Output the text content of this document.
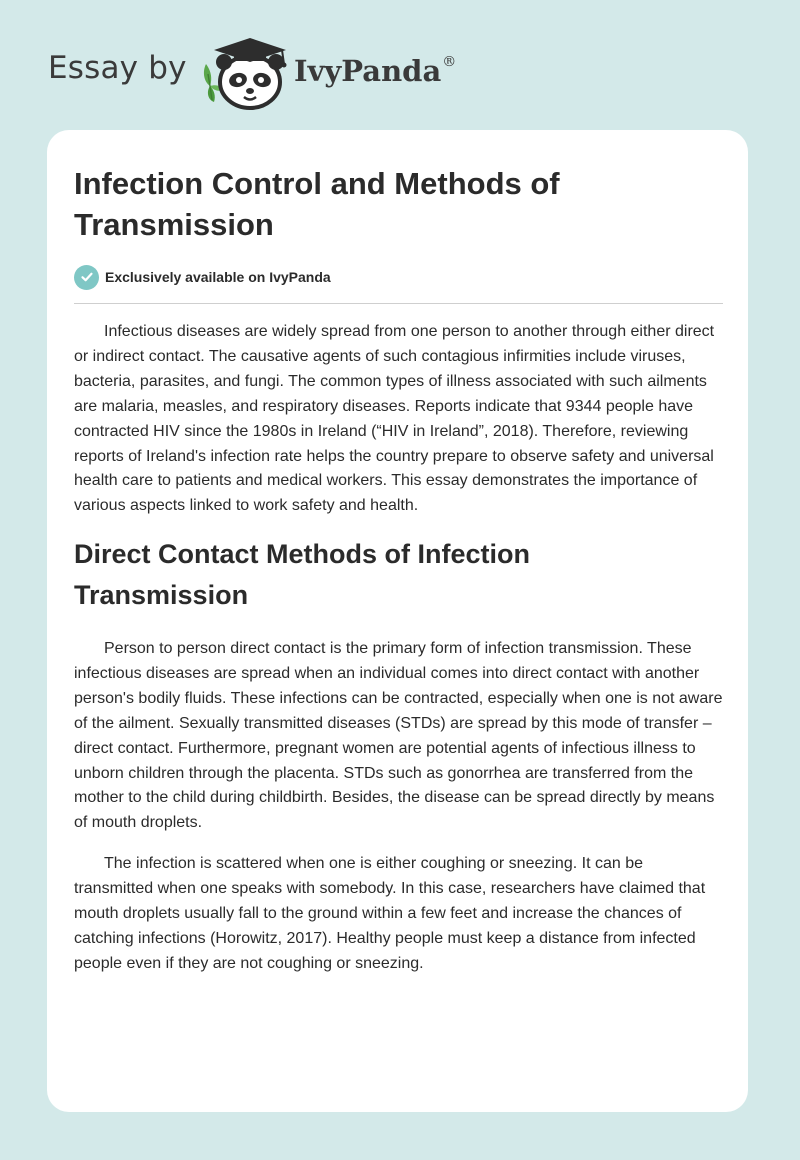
Essay by	IvyPanda®
Infection Control and Methods of Transmission
Exclusively available on IvyPanda

Infectious diseases are widely spread from one person to another through either direct or indirect contact. The causative agents of such contagious infirmities include viruses, bacteria, parasites, and fungi. The common types of illness associated with such ailments are malaria, measles, and respiratory diseases. Reports indicate that 9344 people have contracted HIV since the 1980s in Ireland (“HIV in Ireland”, 2018). Therefore, reviewing reports of Ireland's infection rate helps the country prepare to observe safety and universal health care to patients and medical workers. This essay demonstrates the importance of various aspects linked to work safety and health.

Direct Contact Methods of Infection Transmission

Person to person direct contact is the primary form of infection transmission. These infectious diseases are spread when an individual comes into direct contact with another person's bodily fluids. These infections can be contracted, especially when one is not aware of the ailment. Sexually transmitted diseases (STDs) are spread by this mode of transfer – direct contact. Furthermore, pregnant women are potential agents of infectious illness to unborn children through the placenta. STDs such as gonorrhea are transferred from the mother to the child during childbirth. Besides, the disease can be spread directly by means of mouth droplets.

The infection is scattered when one is either coughing or sneezing. It can be transmitted when one speaks with somebody. In this case, researchers have claimed that mouth droplets usually fall to the ground within a few feet and increase the chances of catching infections (Horowitz, 2017). Healthy people must keep a distance from infected people even if they are not coughing or sneezing.
